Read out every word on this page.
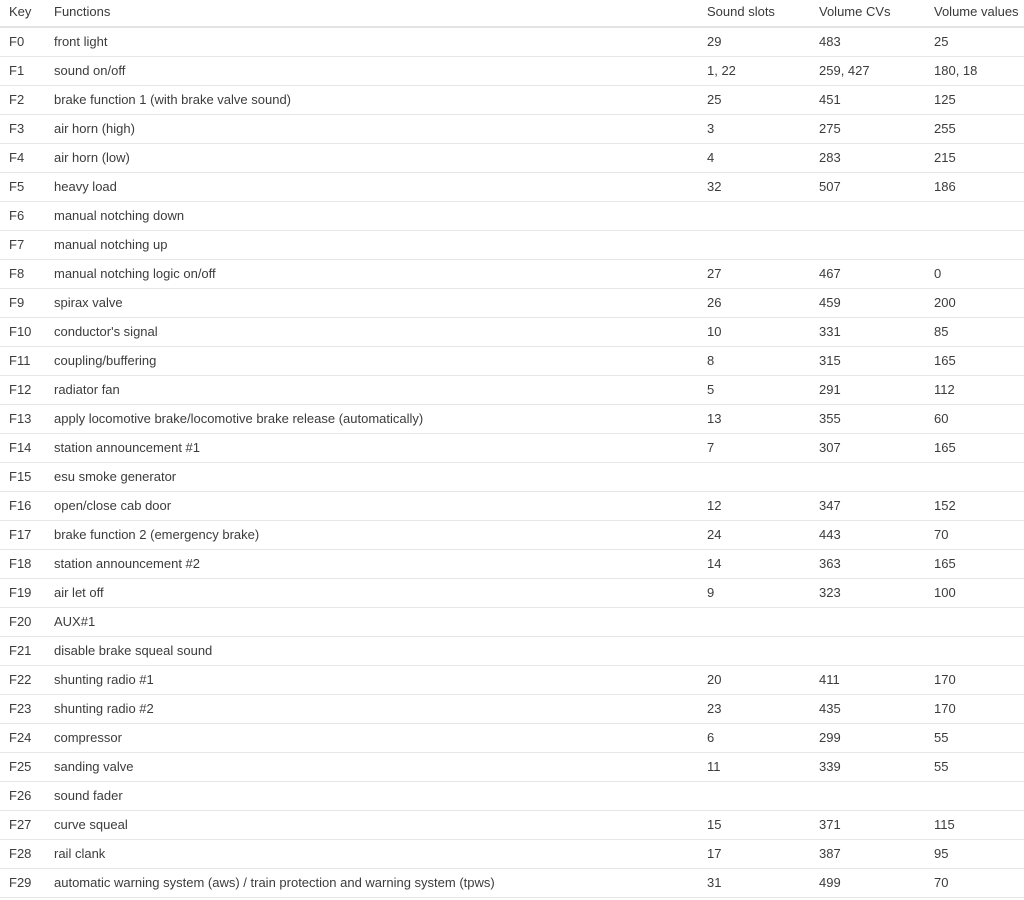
Key	Functions	Sound slots	Volume CVs	Volume values
F0	front light	29	483	25
F1	sound on/off	1, 22	259, 427	180, 18
F2	brake function 1 (with brake valve sound)	25	451	125
F3	air horn (high)	3	275	255
F4	air horn (low)	4	283	215
F5	heavy load	32	507	186
F6	manual notching down			
F7	manual notching up			
F8	manual notching logic on/off	27	467	0
F9	spirax valve	26	459	200
F10	conductor's signal	10	331	85
F11	coupling/buffering	8	315	165
F12	radiator fan	5	291	112
F13	apply locomotive brake/locomotive brake release (automatically)	13	355	60
F14	station announcement #1	7	307	165
F15	esu smoke generator			
F16	open/close cab door	12	347	152
F17	brake function 2 (emergency brake)	24	443	70
F18	station announcement #2	14	363	165
F19	air let off	9	323	100
F20	AUX#1			
F21	disable brake squeal sound			
F22	shunting radio #1	20	411	170
F23	shunting radio #2	23	435	170
F24	compressor	6	299	55
F25	sanding valve	11	339	55
F26	sound fader			
F27	curve squeal	15	371	115
F28	rail clank	17	387	95
F29	automatic warning system (aws) / train protection and warning system (tpws)	31	499	70
